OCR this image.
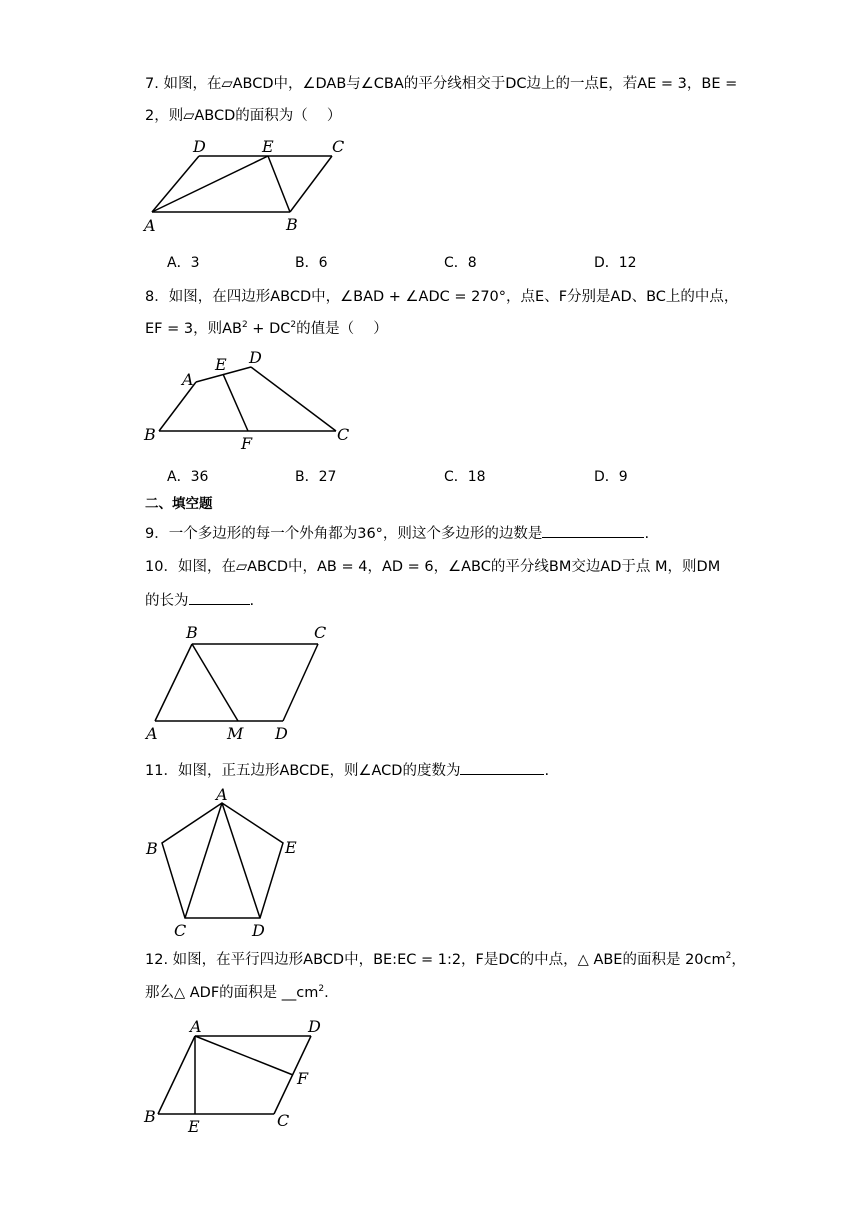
7. 如图，在▱ABCD中，∠DAB与∠CBA的平分线相交于DC边上的一点E，若AE = 3，BE =
2，则▱ABCD的面积为（　 ）
D	E	C
A	B
A．3	B．6	C．8	D．12
8．如图，在四边形ABCD中，∠BAD + ∠ADC = 270°，点E、F分别是AD、BC上的中点，
EF = 3，则$AB^2 + DC^2$的值是（　 ）
A
E D
B	F	C
A．36	B．27	C．18	D．9
二、填空题
9．一个多边形的每一个外角都为36°，则这个多边形的边数是	.
10．如图，在▱ABCD中，AB = 4，AD = 6，∠ABC的平分线BM交边AD于点 M，则DM
的长为	.
B	C
A	M D
11．如图，正五边形ABCDE，则∠ACD的度数为	.
A
B	E
C	D
12. 如图，在平行四边形ABCD中，BE:EC = 1:2，F是DC的中点，△ ABE的面积是 $20cm^2$，
那么△ ADF的面积是 $\_\_cm^2$.
A	D
F
B
E	C
